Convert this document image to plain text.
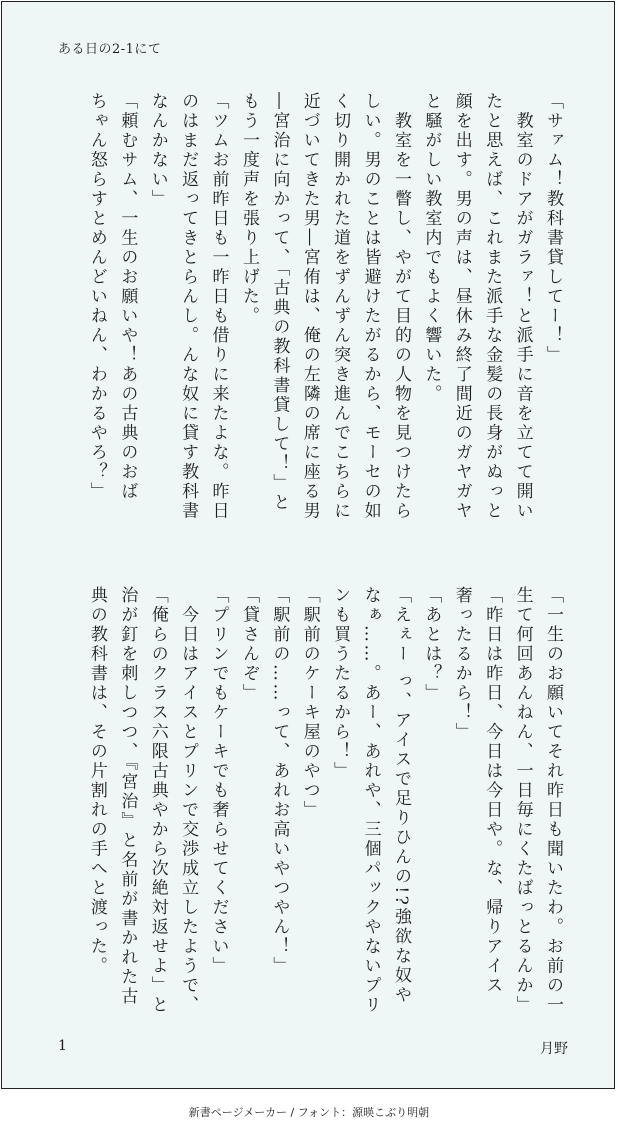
ある日の2-1にて
「サァム！教科書貸してー！」
　教室のドアがガラァ！と派手に音を立てて開い
たと思えば、これまた派手な金髪の長身がぬっと
顔を出す。男の声は、昼休み終了間近のガヤガヤ
と騒がしい教室内でもよく響いた。
　教室を一瞥し、やがて目的の人物を見つけたら
しい。男のことは皆避けたがるから、モーセの如
く切り開かれた道をずんずん突き進んでこちらに
近づいてきた男―宮侑は、俺の左隣の席に座る男
―宮治に向かって、「古典の教科書貸して！」と
もう一度声を張り上げた。
「ツムお前昨日も一昨日も借りに来たよな。昨日
のはまだ返ってきとらんし。んな奴に貸す教科書
なんかない」
「頼むサム、一生のお願いや！あの古典のおば
ちゃん怒らすとめんどいねん、わかるやろ？」
「一生のお願いてそれ昨日も聞いたわ。お前の一
生て何回あんねん、一日毎にくたばっとるんか」
「昨日は昨日、今日は今日や。な、帰りアイス
奢ったるから！」
「あとは？」
「えぇー っ、アイスで足りひんの!?強欲な奴や
なぁ……。あー、あれや、三個パックやないプリ
ンも買うたるから！」
「駅前のケーキ屋のやつ」
「駅前の……って、あれお高いやつやん！」
「貸さんぞ」
「プリンでもケーキでも奢らせてください」
　今日はアイスとプリンで交渉成立したようで、
「俺らのクラス六限古典やから次絶対返せよ」と
治が釘を刺しつつ、『宮治』と名前が書かれた古
典の教科書は、その片割れの手へと渡った。
1	月野
新書ページメーカー / フォント：源暎こぶり明朝
